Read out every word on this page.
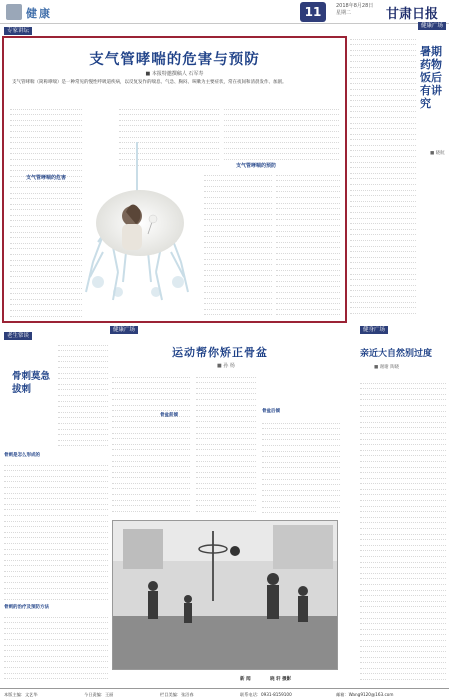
健康	11	2018年8月28日
星期二	甘肃日报
专家讲坛
健康广场
老生常谈
健康广场	健身广场
支气管哮喘的危害与预防
■ 本报特邀撰稿人 石军寿
支气管哮喘（简称哮喘）是一种常见的慢性呼吸道疾病，以反复发作的喘息、气急、胸闷、咳嗽为主要症状，常在夜间和清晨发作、加剧。
支气管哮喘的危害
支气管哮喘的预防
暑期药物饭后有讲究
■ 晓航
骨刺莫急拔刺
骨刺是怎么形成的
骨刺的治疗及预防方法
运动帮你矫正骨盆
■ 孙 杨
骨盆前倾
骨盆后倾
晓 轩 摄影
新 闻
亲近大自然别过度
■ 谢谢 陶晓
本版主编：文艺华	今日责编：王丽	栏目美编：张沼春	联系电话：0931-8159100	邮箱：Wang9120@163.com
